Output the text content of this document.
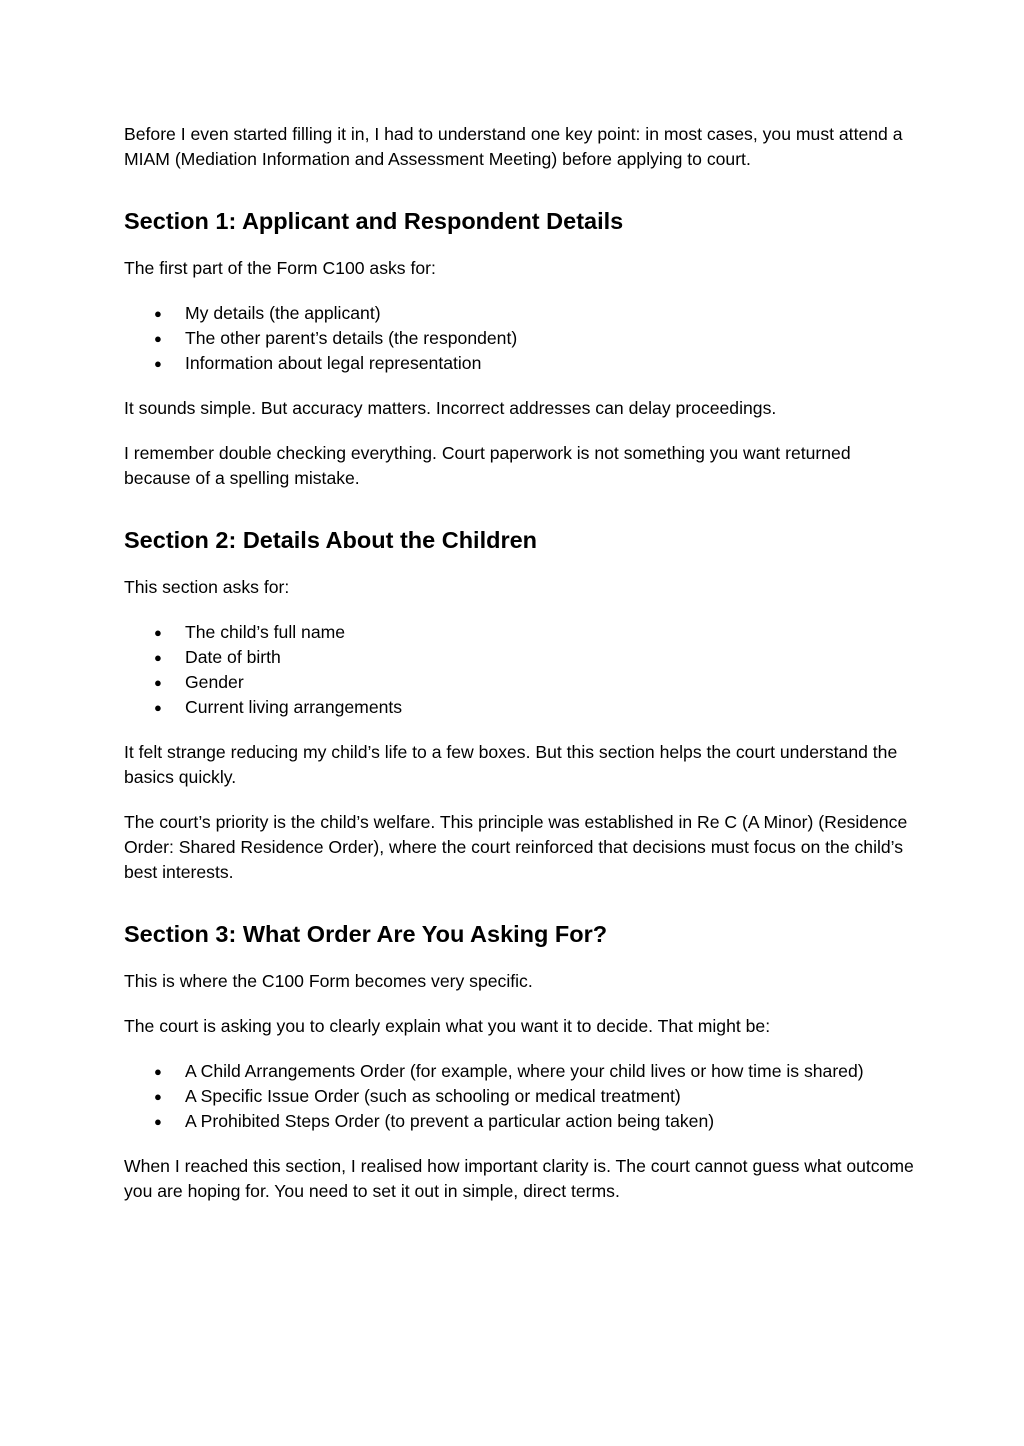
Before I even started filling it in, I had to understand one key point: in most cases, you must attend a MIAM (Mediation Information and Assessment Meeting) before applying to court.

Section 1: Applicant and Respondent Details

The first part of the Form C100 asks for:

● My details (the applicant)
● The other parent’s details (the respondent)
● Information about legal representation

It sounds simple. But accuracy matters. Incorrect addresses can delay proceedings.

I remember double checking everything. Court paperwork is not something you want returned because of a spelling mistake.

Section 2: Details About the Children

This section asks for:

● The child’s full name
● Date of birth
● Gender
● Current living arrangements

It felt strange reducing my child’s life to a few boxes. But this section helps the court understand the basics quickly.

The court’s priority is the child’s welfare. This principle was established in Re C (A Minor) (Residence Order: Shared Residence Order), where the court reinforced that decisions must focus on the child’s best interests.

Section 3: What Order Are You Asking For?

This is where the C100 Form becomes very specific.

The court is asking you to clearly explain what you want it to decide. That might be:

● A Child Arrangements Order (for example, where your child lives or how time is shared)
● A Specific Issue Order (such as schooling or medical treatment)
● A Prohibited Steps Order (to prevent a particular action being taken)

When I reached this section, I realised how important clarity is. The court cannot guess what outcome you are hoping for. You need to set it out in simple, direct terms.
